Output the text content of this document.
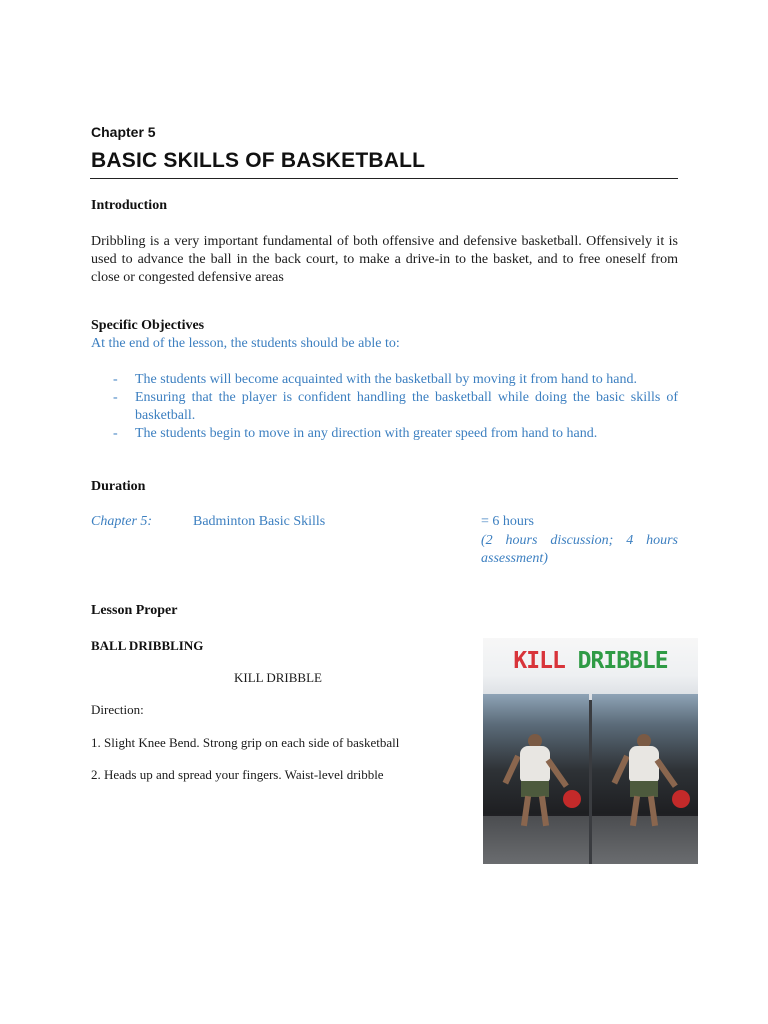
Chapter 5
BASIC SKILLS OF BASKETBALL
Introduction
Dribbling is a very important fundamental of both offensive and defensive basketball. Offensively it is used to advance the ball in the back court, to make a drive-in to the basket, and to free oneself from close or congested defensive areas
Specific Objectives
At the end of the lesson, the students should be able to:
- The students will become acquainted with the basketball by moving it from hand to hand.
- Ensuring that the player is confident handling the basketball while doing the basic skills of basketball.
- The students begin to move in any direction with greater speed from hand to hand.
Duration
Chapter 5:	Badminton Basic Skills	= 6 hours
(2 hours discussion; 4 hours assessment)
Lesson Proper
BALL DRIBBLING
KILL DRIBBLE
Direction:
1. Slight Knee Bend. Strong grip on each side of basketball
2. Heads up and spread your fingers. Waist-level dribble
KILL DRIBBLE
